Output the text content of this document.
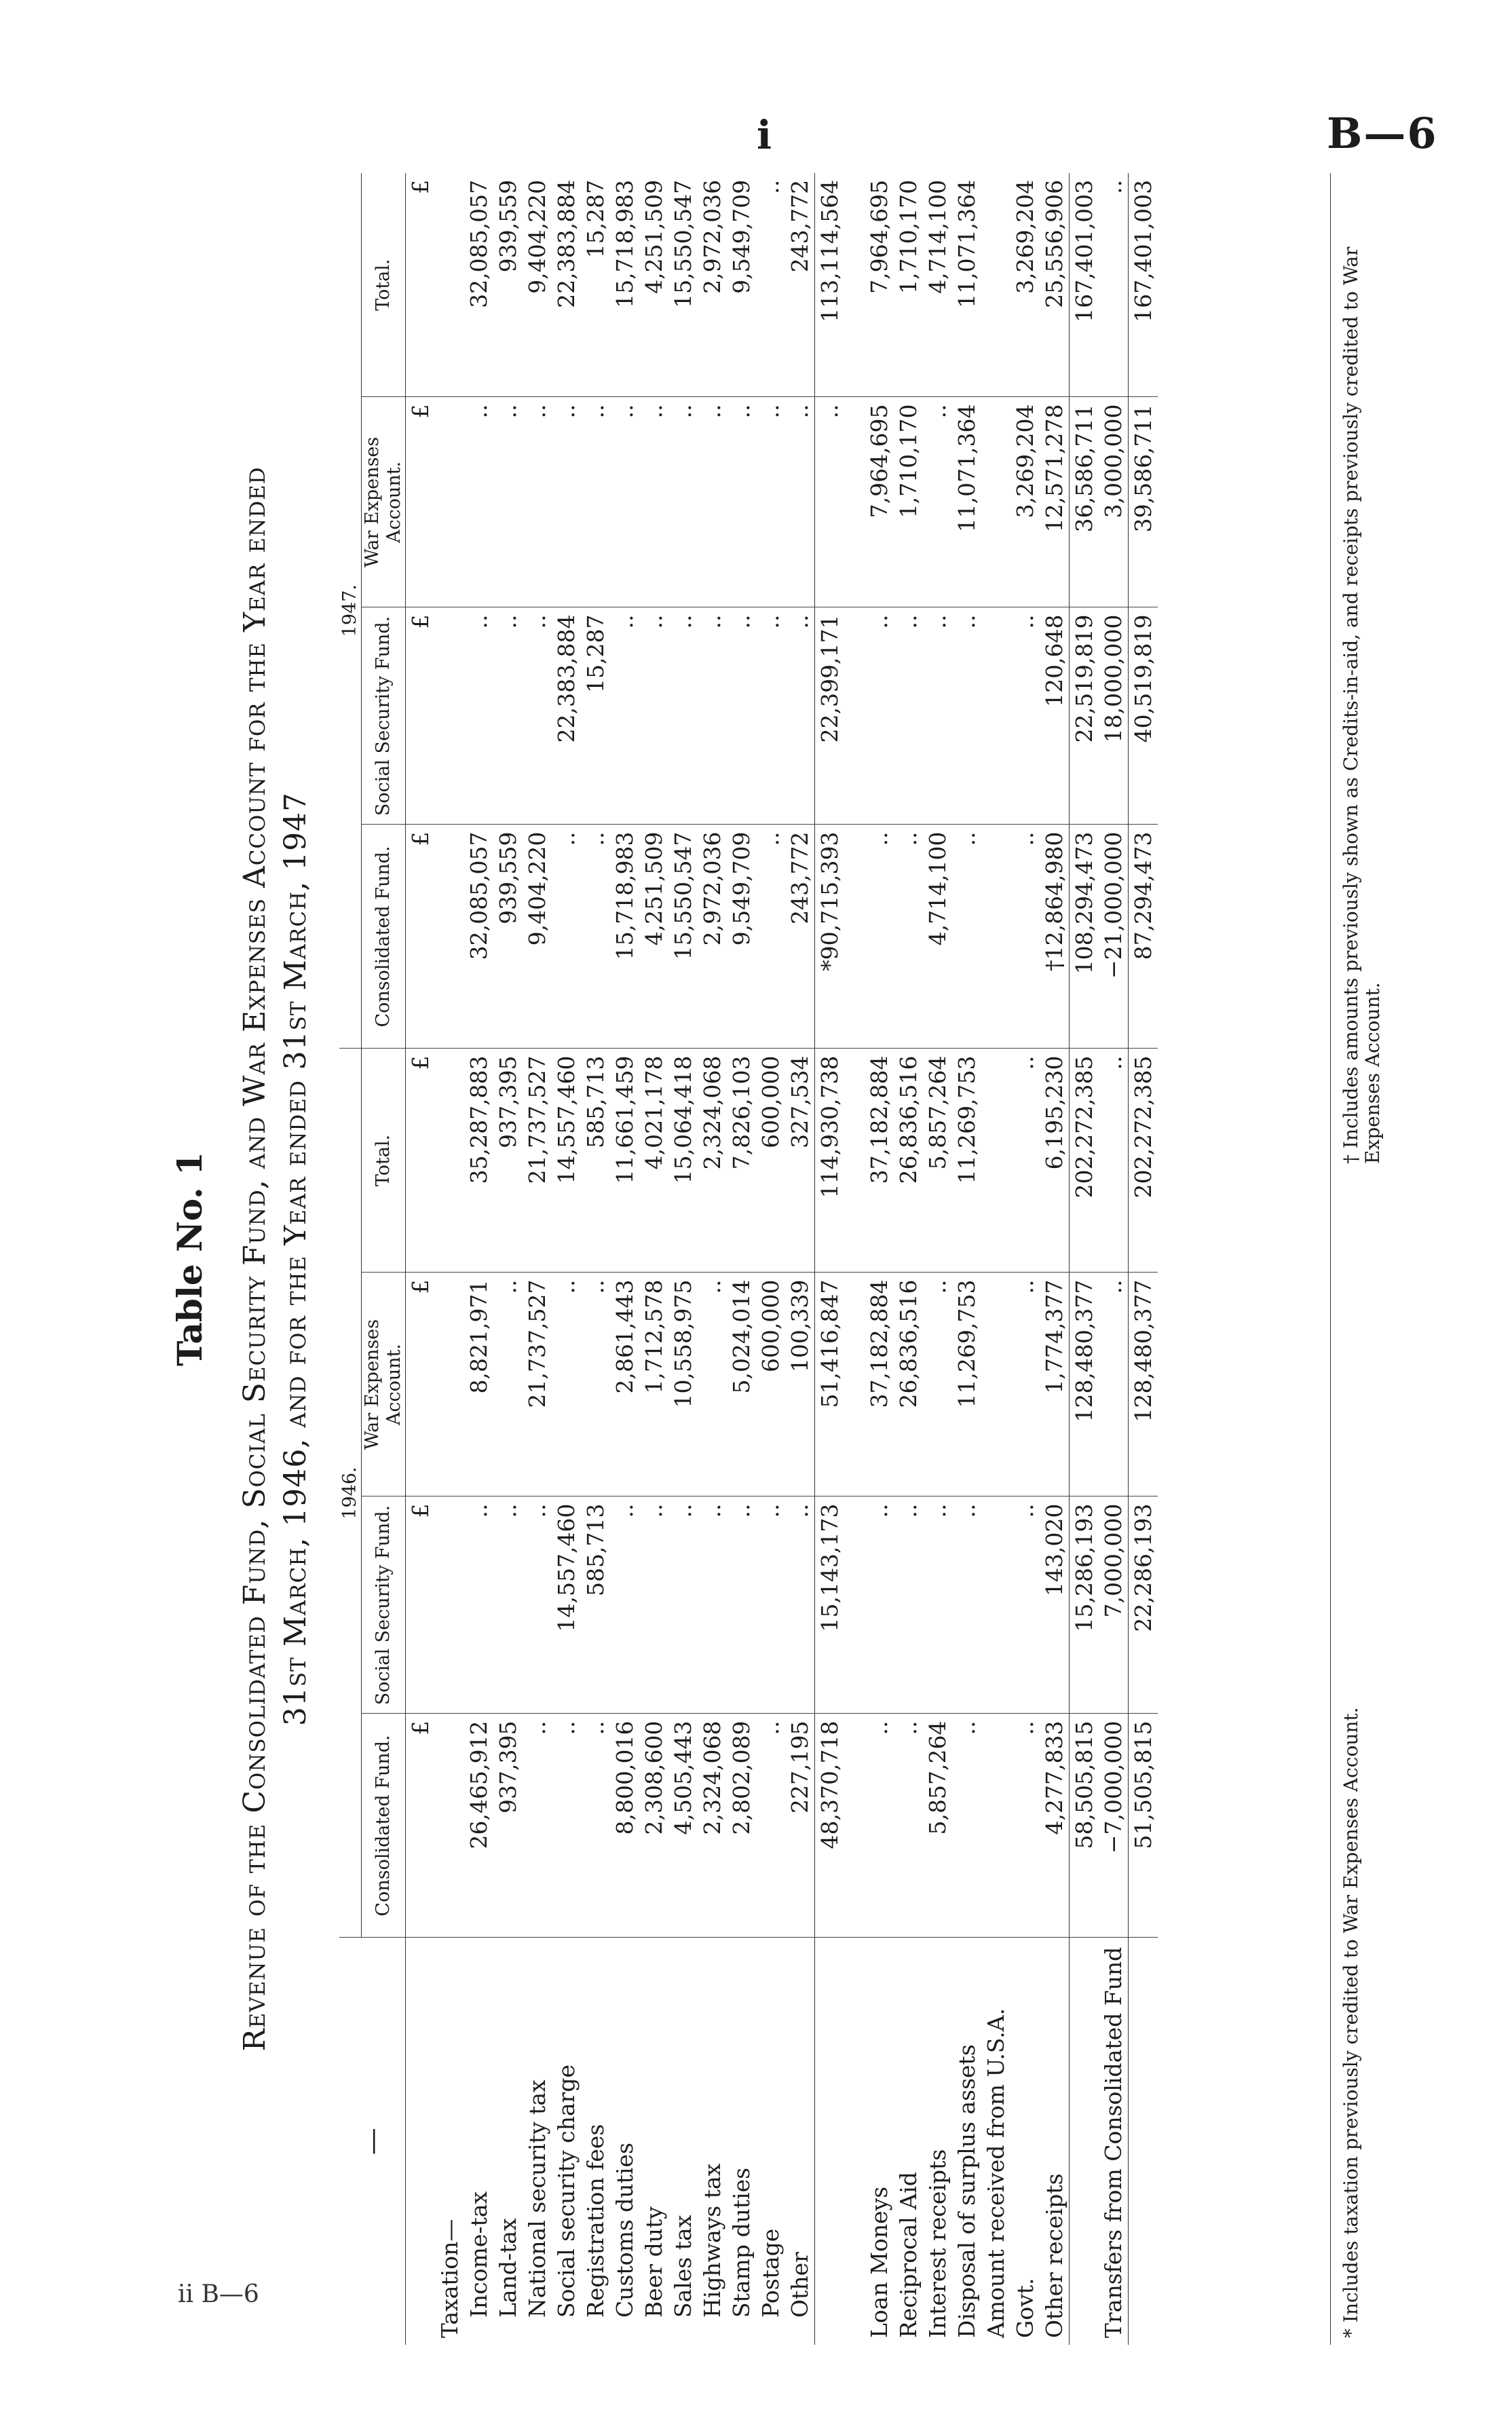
B—6
i
ii B—6
Table No. 1 Revenue of the Consolidated Fund, Social Security Fund, and War Expenses Account for the Year ended 31st March, 1946, and for the Year ended 31st March, 1947
—	1946.				1947.			
	Consolidated Fund.	Social Security Fund.	War Expenses Account.	Total.	Consolidated Fund.	Social Security Fund.	War Expenses Account.	Total.
	£	£	£	£	£	£	£	£
Taxation—								
Income-tax	26,465,912	..	8,821,971	35,287,883	32,085,057	..	..	32,085,057
Land-tax	937,395	..	..	937,395	939,559	..	..	939,559
National security tax	..	..	21,737,527	21,737,527	9,404,220	..	..	9,404,220
Social security charge	..	14,557,460	..	14,557,460	..	22,383,884	..	22,383,884
Registration fees	..	585,713	..	585,713	..	15,287	..	15,287
Customs duties	8,800,016	..	2,861,443	11,661,459	15,718,983	..	..	15,718,983
Beer duty	2,308,600	..	1,712,578	4,021,178	4,251,509	..	..	4,251,509
Sales tax	4,505,443	..	10,558,975	15,064,418	15,550,547	..	..	15,550,547
Highways tax	2,324,068	..	..	2,324,068	2,972,036	..	..	2,972,036
Stamp duties	2,802,089	..	5,024,014	7,826,103	9,549,709	..	..	9,549,709
Postage	..	..	600,000	600,000	..	..	..	..
Other	227,195	..	100,339	327,534	243,772	..	..	243,772
	48,370,718	15,143,173	51,416,847	114,930,738	*90,715,393	22,399,171	..	113,114,564

Loan Moneys	..	..	37,182,884	37,182,884	..	..	7,964,695	7,964,695
Reciprocal Aid	..	..	26,836,516	26,836,516	..	..	1,710,170	1,710,170
Interest receipts	5,857,264	..	..	5,857,264	4,714,100	..	..	4,714,100
Disposal of surplus assets	..	..	11,269,753	11,269,753	..	..	11,071,364	11,071,364
Amount received from U.S.A. Govt.	..	..	..	..	..	..	3,269,204	3,269,204
Other receipts	4,277,833	143,020	1,774,377	6,195,230	†12,864,980	120,648	12,571,278	25,556,906
	58,505,815	15,286,193	128,480,377	202,272,385	108,294,473	22,519,819	36,586,711	167,401,003
Transfers from Consolidated Fund	−7,000,000	7,000,000	..	..	−21,000,000	18,000,000	3,000,000	..
	51,505,815	22,286,193	128,480,377	202,272,385	87,294,473	40,519,819	39,586,711	167,401,003
* Includes taxation previously credited to War Expenses Account.
† Includes amounts previously shown as Credits-in-aid, and receipts previously credited to War Expenses Account.
